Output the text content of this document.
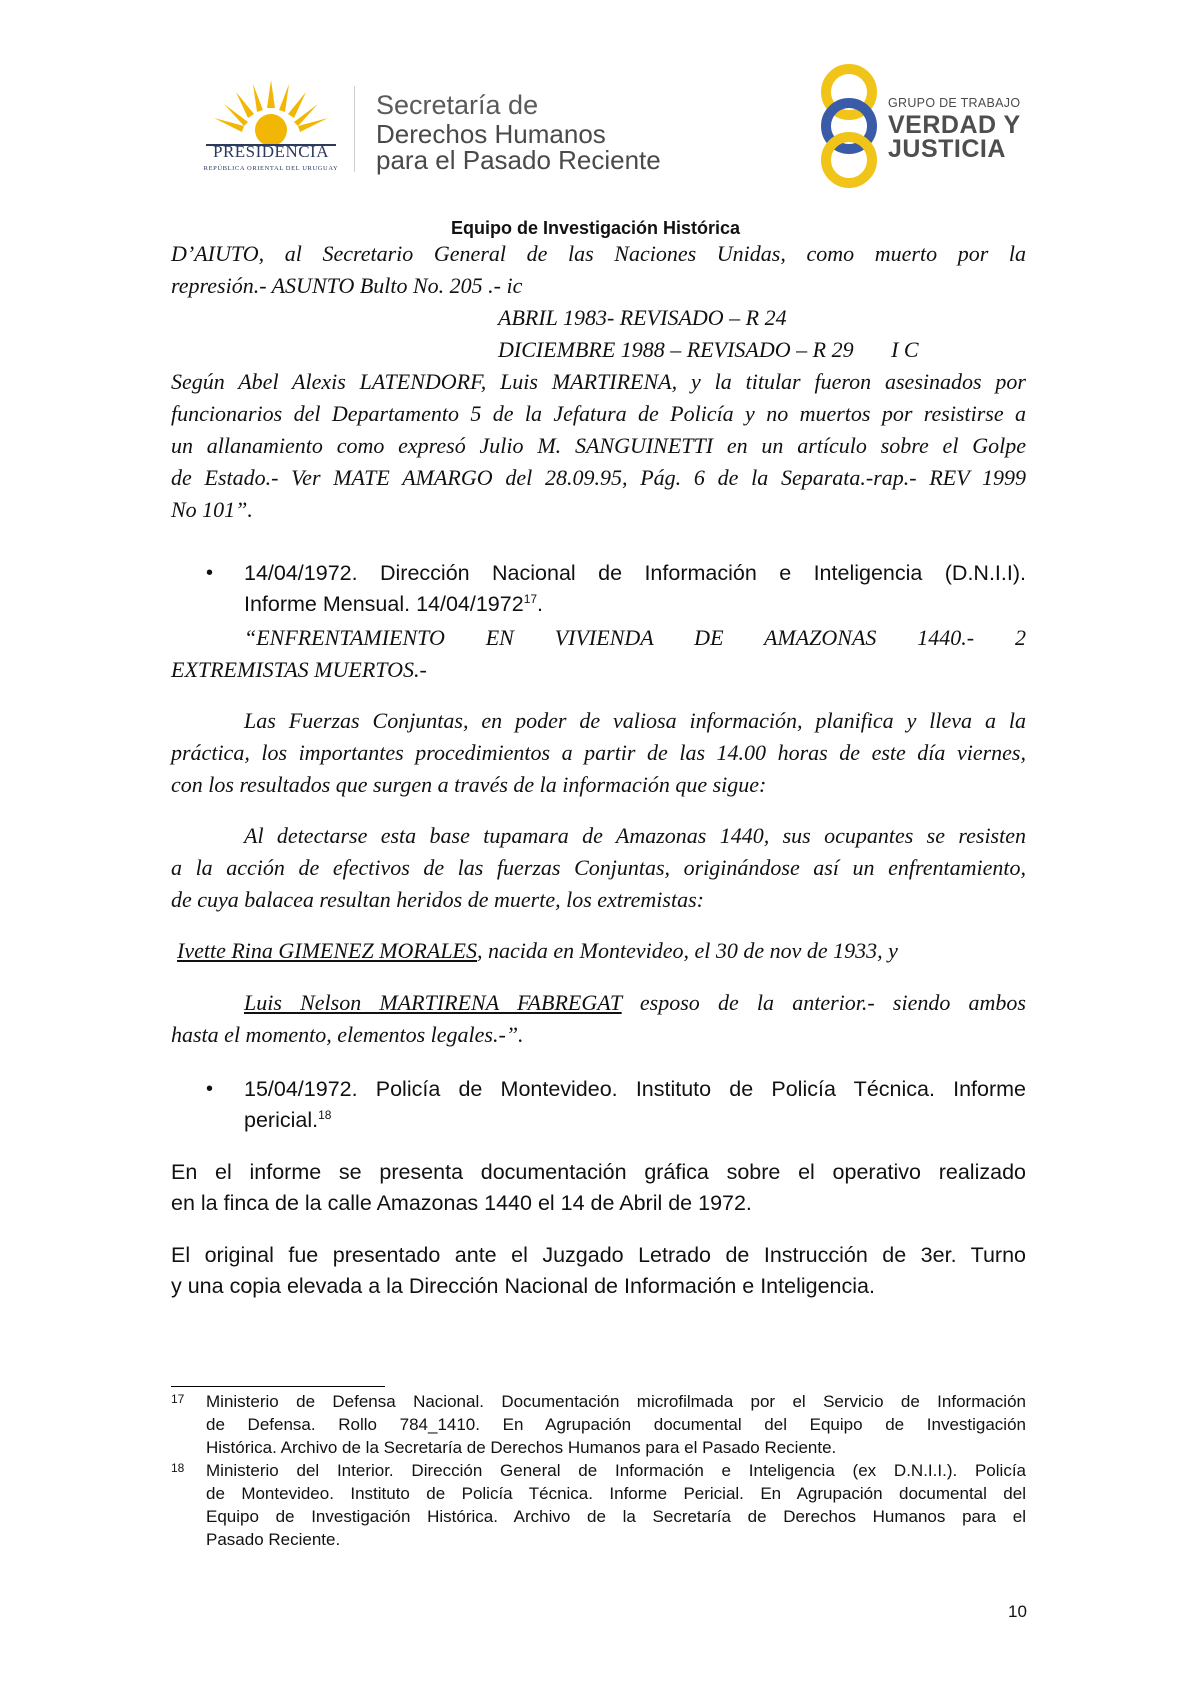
PRESIDENCIA
REPÚBLICA ORIENTAL DEL URUGUAY
Secretaría de
Derechos Humanos
para el Pasado Reciente
GRUPO DE TRABAJO
VERDAD Y
JUSTICIA
Equipo de Investigación Histórica
D’AIUTO, al Secretario General de las Naciones Unidas, como muerto por la
represión.- ASUNTO Bulto No. 205 .- ic
ABRIL 1983- REVISADO – R 24
DICIEMBRE 1988 – REVISADO – R 29 I C
Según Abel Alexis LATENDORF, Luis MARTIRENA, y la titular fueron asesinados por
funcionarios del Departamento 5 de la Jefatura de Policía y no muertos por resistirse a
un allanamiento como expresó Julio M. SANGUINETTI en un artículo sobre el Golpe
de Estado.- Ver MATE AMARGO del 28.09.95, Pág. 6 de la Separata.-rap.- REV 1999
No 101”.
• 14/04/1972. Dirección Nacional de Información e Inteligencia (D.N.I.I).
Informe Mensual. 14/04/1972$^{17}$.
“ENFRENTAMIENTO EN VIVIENDA DE AMAZONAS 1440.- 2
EXTREMISTAS MUERTOS.-
Las Fuerzas Conjuntas, en poder de valiosa información, planifica y lleva a la
práctica, los importantes procedimientos a partir de las 14.00 horas de este día viernes,
con los resultados que surgen a través de la información que sigue:
Al detectarse esta base tupamara de Amazonas 1440, sus ocupantes se resisten
a la acción de efectivos de las fuerzas Conjuntas, originándose así un enfrentamiento,
de cuya balacea resultan heridos de muerte, los extremistas:
Ivette Rina GIMENEZ MORALES, nacida en Montevideo, el 30 de nov de 1933, y
Luis Nelson MARTIRENA FABREGAT esposo de la anterior.- siendo ambos
hasta el momento, elementos legales.-”.
• 15/04/1972. Policía de Montevideo. Instituto de Policía Técnica. Informe
pericial.$^{18}$
En el informe se presenta documentación gráfica sobre el operativo realizado
en la finca de la calle Amazonas 1440 el 14 de Abril de 1972.
El original fue presentado ante el Juzgado Letrado de Instrucción de 3er. Turno
y una copia elevada a la Dirección Nacional de Información e Inteligencia.
17 Ministerio de Defensa Nacional. Documentación microfilmada por el Servicio de Información
de Defensa. Rollo 784_1410. En Agrupación documental del Equipo de Investigación
Histórica. Archivo de la Secretaría de Derechos Humanos para el Pasado Reciente.
18 Ministerio del Interior. Dirección General de Información e Inteligencia (ex D.N.I.I.). Policía
de Montevideo. Instituto de Policía Técnica. Informe Pericial. En Agrupación documental del
Equipo de Investigación Histórica. Archivo de la Secretaría de Derechos Humanos para el
Pasado Reciente.
10
